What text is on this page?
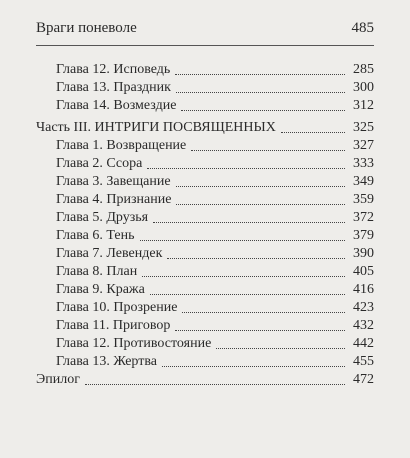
Враги поневоле	485
Глава 12. Исповедь	285
Глава 13. Праздник	300
Глава 14. Возмездие	312
Часть III. ИНТРИГИ ПОСВЯЩЕННЫХ	325
Глава 1. Возвращение	327
Глава 2. Ссора	333
Глава 3. Завещание	349
Глава 4. Признание	359
Глава 5. Друзья	372
Глава 6. Тень	379
Глава 7. Левендек	390
Глава 8. План	405
Глава 9. Кража	416
Глава 10. Прозрение	423
Глава 11. Приговор	432
Глава 12. Противостояние	442
Глава 13. Жертва	455
Эпилог	472
